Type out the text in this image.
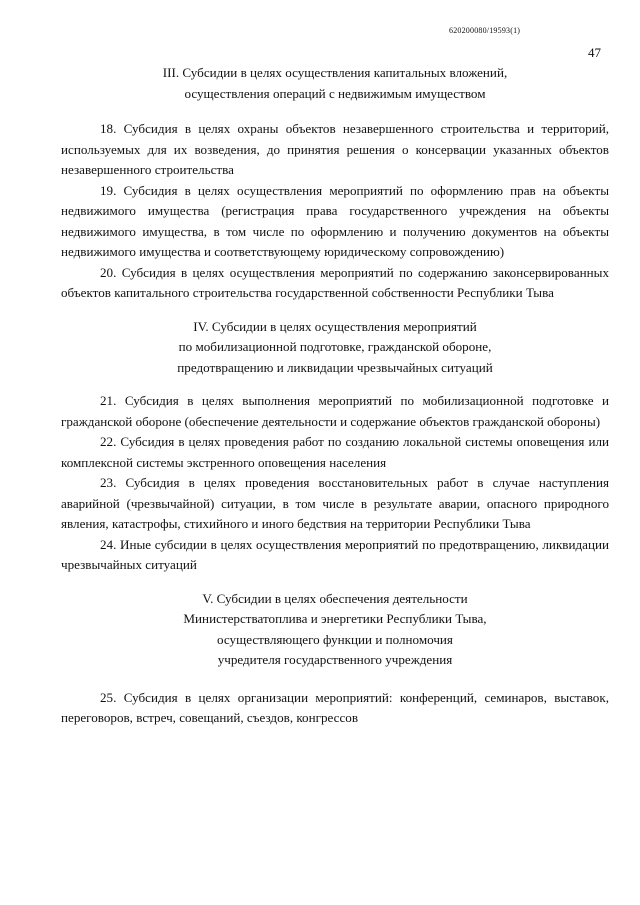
620200080/19593(1)
47
III. Субсидии в целях осуществления капитальных вложений,
осуществления операций с недвижимым имуществом

18. Субсидия в целях охраны объектов незавершенного строительства и территорий, используемых для их возведения, до принятия решения о консервации указанных объектов незавершенного строительства

19. Субсидия в целях осуществления мероприятий по оформлению прав на объекты недвижимого имущества (регистрация права государственного учреждения на объекты недвижимого имущества, в том числе по оформлению и получению документов на объекты недвижимого имущества и соответствующему юридическому сопровождению)

20. Субсидия в целях осуществления мероприятий по содержанию законсервированных объектов капитального строительства государственной собственности Республики Тыва

IV. Субсидии в целях осуществления мероприятий
по мобилизационной подготовке, гражданской обороне,
предотвращению и ликвидации чрезвычайных ситуаций

21. Субсидия в целях выполнения мероприятий по мобилизационной подготовке и гражданской обороне (обеспечение деятельности и содержание объектов гражданской обороны)

22. Субсидия в целях проведения работ по созданию локальной системы оповещения или комплексной системы экстренного оповещения населения

23. Субсидия в целях проведения восстановительных работ в случае наступления аварийной (чрезвычайной) ситуации, в том числе в результате аварии, опасного природного явления, катастрофы, стихийного и иного бедствия на территории Республики Тыва

24. Иные субсидии в целях осуществления мероприятий по предотвращению, ликвидации чрезвычайных ситуаций

V. Субсидии в целях обеспечения деятельности
Министерстватоплива и энергетики Республики Тыва,
осуществляющего функции и полномочия
учредителя государственного учреждения

25. Субсидия в целях организации мероприятий: конференций, семинаров, выставок, переговоров, встреч, совещаний, съездов, конгрессов
